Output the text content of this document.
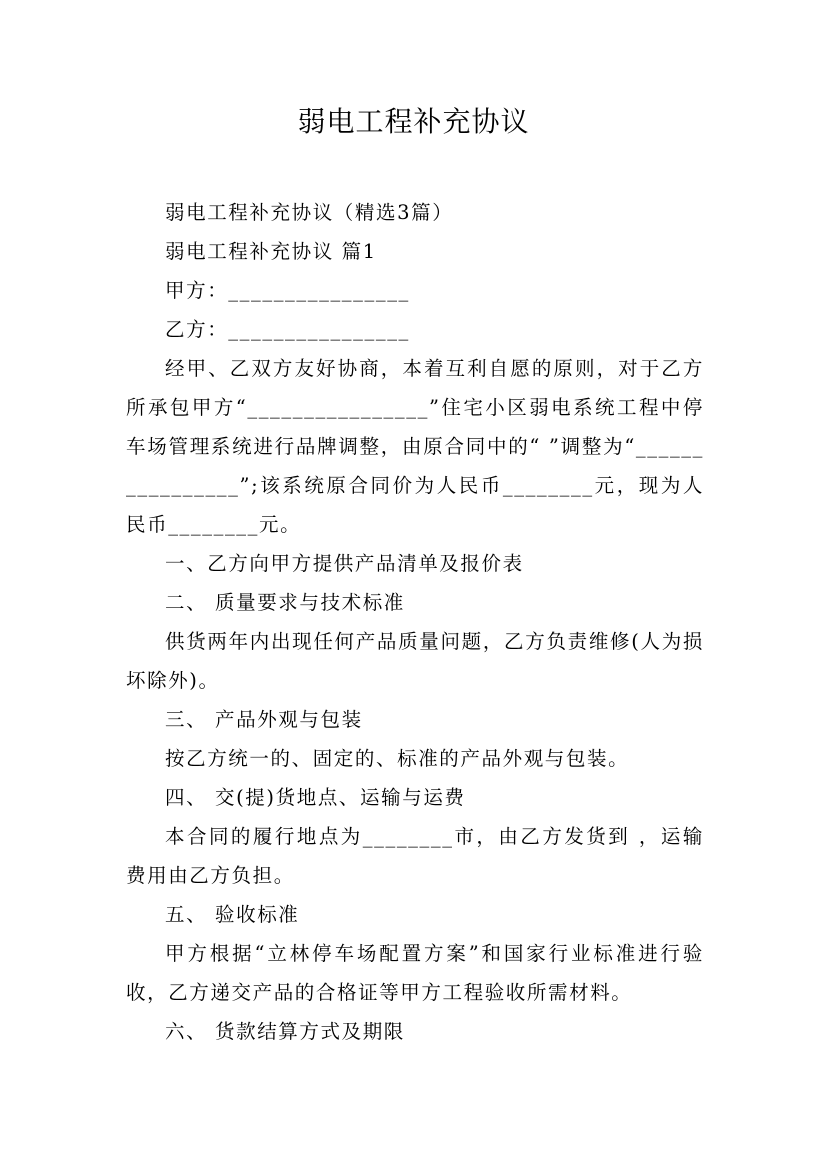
弱电工程补充协议

弱电工程补充协议（精选3篇）

弱电工程补充协议 篇1

甲方：________________

乙方：________________

经甲、乙双方友好协商，本着互利自愿的原则，对于乙方所承包甲方“________________”住宅小区弱电系统工程中停车场管理系统进行品牌调整，由原合同中的“ ”调整为“________________”;该系统原合同价为人民币________元，现为人民币________元。

一、乙方向甲方提供产品清单及报价表

二、 质量要求与技术标准

供货两年内出现任何产品质量问题，乙方负责维修(人为损坏除外)。

三、 产品外观与包装

按乙方统一的、固定的、标准的产品外观与包装。

四、 交(提)货地点、运输与运费

本合同的履行地点为________市，由乙方发货到 ，运输费用由乙方负担。

五、 验收标准

甲方根据“立林停车场配置方案”和国家行业标准进行验收，乙方递交产品的合格证等甲方工程验收所需材料。

六、 货款结算方式及期限
